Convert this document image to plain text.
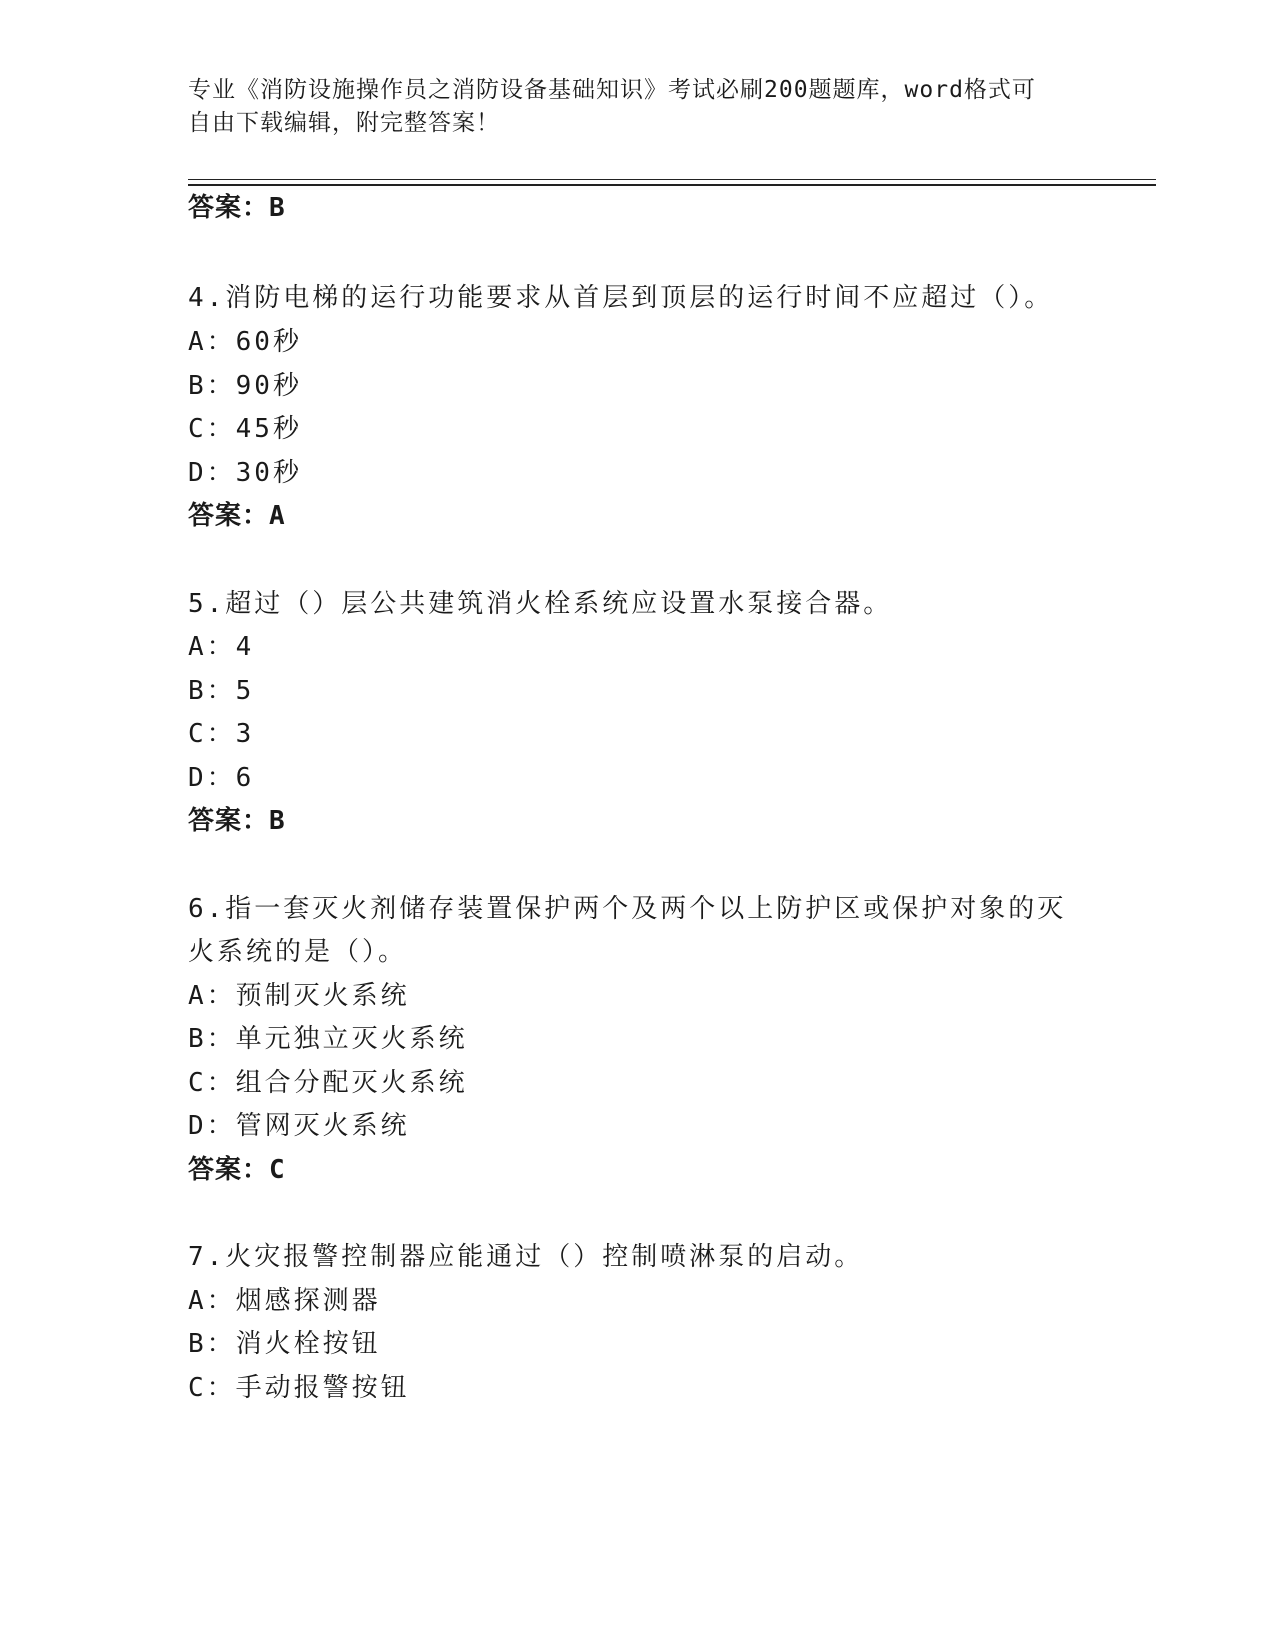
专业《消防设施操作员之消防设备基础知识》考试必刷200题题库，word格式可
自由下载编辑，附完整答案！
答案：B
4.消防电梯的运行功能要求从首层到顶层的运行时间不应超过（）。
A：60秒
B：90秒
C：45秒
D：30秒
答案：A
5.超过（）层公共建筑消火栓系统应设置水泵接合器。
A：4
B：5
C：3
D：6
答案：B
6.指一套灭火剂储存装置保护两个及两个以上防护区或保护对象的灭
火系统的是（）。
A：预制灭火系统
B：单元独立灭火系统
C：组合分配灭火系统
D：管网灭火系统
答案：C
7.火灾报警控制器应能通过（）控制喷淋泵的启动。
A：烟感探测器
B：消火栓按钮
C：手动报警按钮
